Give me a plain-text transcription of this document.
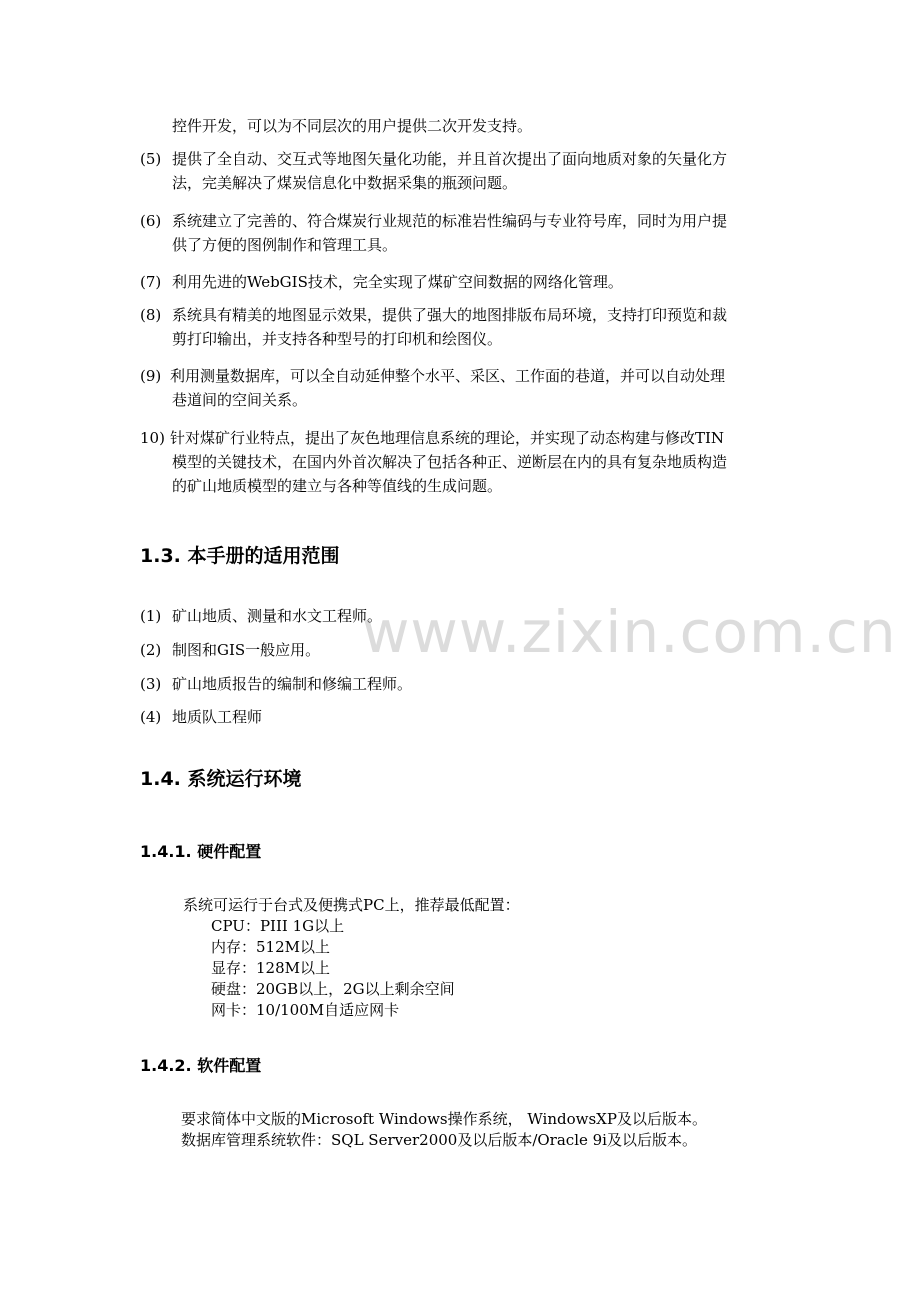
www.zixin.com.cn
控件开发，可以为不同层次的用户提供二次开发支持。
(5) 提供了全自动、交互式等地图矢量化功能，并且首次提出了面向地质对象的矢量化方
法，完美解决了煤炭信息化中数据采集的瓶颈问题。
(6) 系统建立了完善的、符合煤炭行业规范的标准岩性编码与专业符号库，同时为用户提
供了方便的图例制作和管理工具。
(7) 利用先进的WebGIS技术，完全实现了煤矿空间数据的网络化管理。
(8) 系统具有精美的地图显示效果，提供了强大的地图排版布局环境，支持打印预览和裁
剪打印输出，并支持各种型号的打印机和绘图仪。
(9) 利用测量数据库，可以全自动延伸整个水平、采区、工作面的巷道，并可以自动处理
巷道间的空间关系。
10) 针对煤矿行业特点，提出了灰色地理信息系统的理论，并实现了动态构建与修改TIN
模型的关键技术，在国内外首次解决了包括各种正、逆断层在内的具有复杂地质构造
的矿山地质模型的建立与各种等值线的生成问题。
1.3. 本手册的适用范围
(1) 矿山地质、测量和水文工程师。
(2) 制图和GIS一般应用。
(3) 矿山地质报告的编制和修编工程师。
(4) 地质队工程师
1.4. 系统运行环境
1.4.1. 硬件配置
系统可运行于台式及便携式PC上，推荐最低配置：
CPU：PIII 1G以上
内存：512M以上
显存：128M以上
硬盘：20GB以上，2G以上剩余空间
网卡：10/100M自适应网卡
1.4.2. 软件配置
要求简体中文版的Microsoft Windows操作系统， WindowsXP及以后版本。
数据库管理系统软件：SQL Server2000及以后版本/Oracle 9i及以后版本。
